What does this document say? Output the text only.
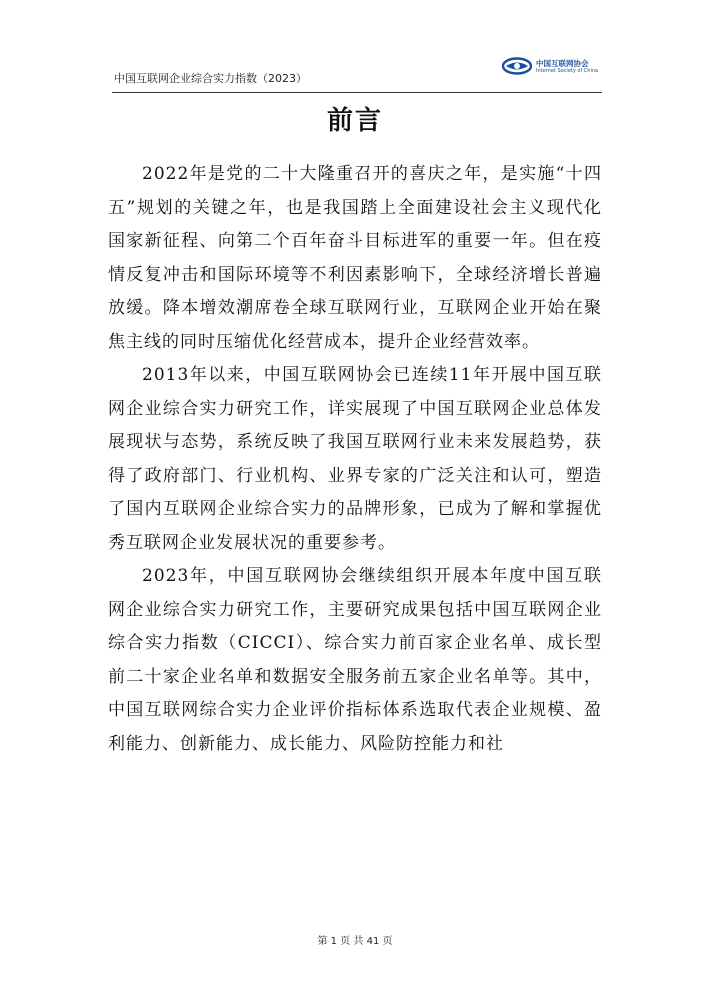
中国互联网企业综合实力指数（2023）
中国互联网协会
Internet Society of China
前言

2022年是党的二十大隆重召开的喜庆之年，是实施“十四五”规划的关键之年，也是我国踏上全面建设社会主义现代化国家新征程、向第二个百年奋斗目标进军的重要一年。但在疫情反复冲击和国际环境等不利因素影响下，全球经济增长普遍放缓。降本增效潮席卷全球互联网行业，互联网企业开始在聚焦主线的同时压缩优化经营成本，提升企业经营效率。

2013年以来，中国互联网协会已连续11年开展中国互联网企业综合实力研究工作，详实展现了中国互联网企业总体发展现状与态势，系统反映了我国互联网行业未来发展趋势，获得了政府部门、行业机构、业界专家的广泛关注和认可，塑造了国内互联网企业综合实力的品牌形象，已成为了解和掌握优秀互联网企业发展状况的重要参考。

2023年，中国互联网协会继续组织开展本年度中国互联网企业综合实力研究工作，主要研究成果包括中国互联网企业综合实力指数（CICCI）、综合实力前百家企业名单、成长型前二十家企业名单和数据安全服务前五家企业名单等。其中，中国互联网综合实力企业评价指标体系选取代表企业规模、盈利能力、创新能力、成长能力、风险防控能力和社

第 1 页 共 41 页
